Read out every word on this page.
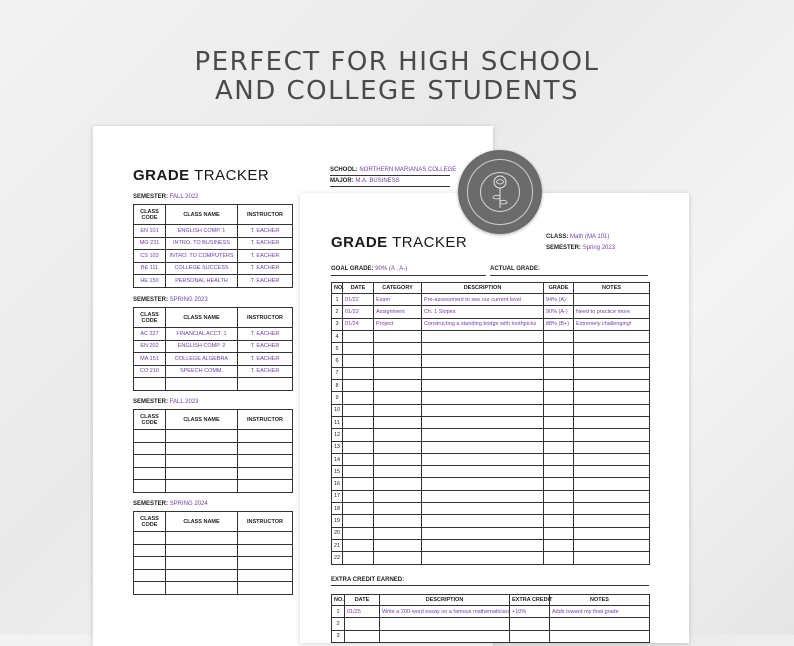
PERFECT FOR HIGH SCHOOL
AND COLLEGE STUDENTS
GRADE TRACKER
SEMESTER: FALL 2022
CLASS
CODE	CLASS NAME	INSTRUCTOR
EN 101	ENGLISH COMP. 1	T. EACHER
MG 231	INTRO. TO BUSINESS	T. EACHER
CS 103	INTRO. TO COMPUTERS	T. EACHER
BE 111	COLLEGE SUCCESS	T. EACHER
HE 150	PERSONAL HEALTH	T. EACHER
SEMESTER: SPRING 2023
CLASS
CODE	CLASS NAME	INSTRUCTOR
AC 227	FINANCIAL ACCT. 1	T. EACHER
EN 202	ENGLISH COMP. 2	T. EACHER
MA 151	COLLEGE ALGEBRA	T. EACHER
CO 210	SPEECH COMM.	T. EACHER

SEMESTER: FALL 2023
CLASS
CODE	CLASS NAME	INSTRUCTOR

SEMESTER: SPRING 2024
CLASS
CODE	CLASS NAME	INSTRUCTOR

GRADE TRACKER	CLASS: Math (MA 101)
SEMESTER: Spring 2023
GOAL GRADE: 90% (A , A-)	ACTUAL GRADE:
NO.	DATE	CATEGORY	DESCRIPTION	GRADE	NOTES
1	01/22	Exam	Pre-assessment to see our current level	94% (A)	
2	01/22	Assignment	Ch. 1 Slopes	90% (A-)	Need to practice more
3	01/24	Project	Constructing a standing bridge with toothpicks	88% (B+)	Extremely challenging!
4					
5					
6					
7					
8					
9					
10					
11					
12					
13					
14					
15					
16					
17					
18					
19					
20					
21					
22					
EXTRA CREDIT EARNED:
NO.	DATE	DESCRIPTION	EXTRA CREDIT	NOTES
1	01/25	Write a 200-word essay on a famous mathematician	+10%	Adds toward my final grade
2				
3				
SCHOOL: NORTHERN MARIANAS COLLEGE
MAJOR: M.A. BUSINESS
